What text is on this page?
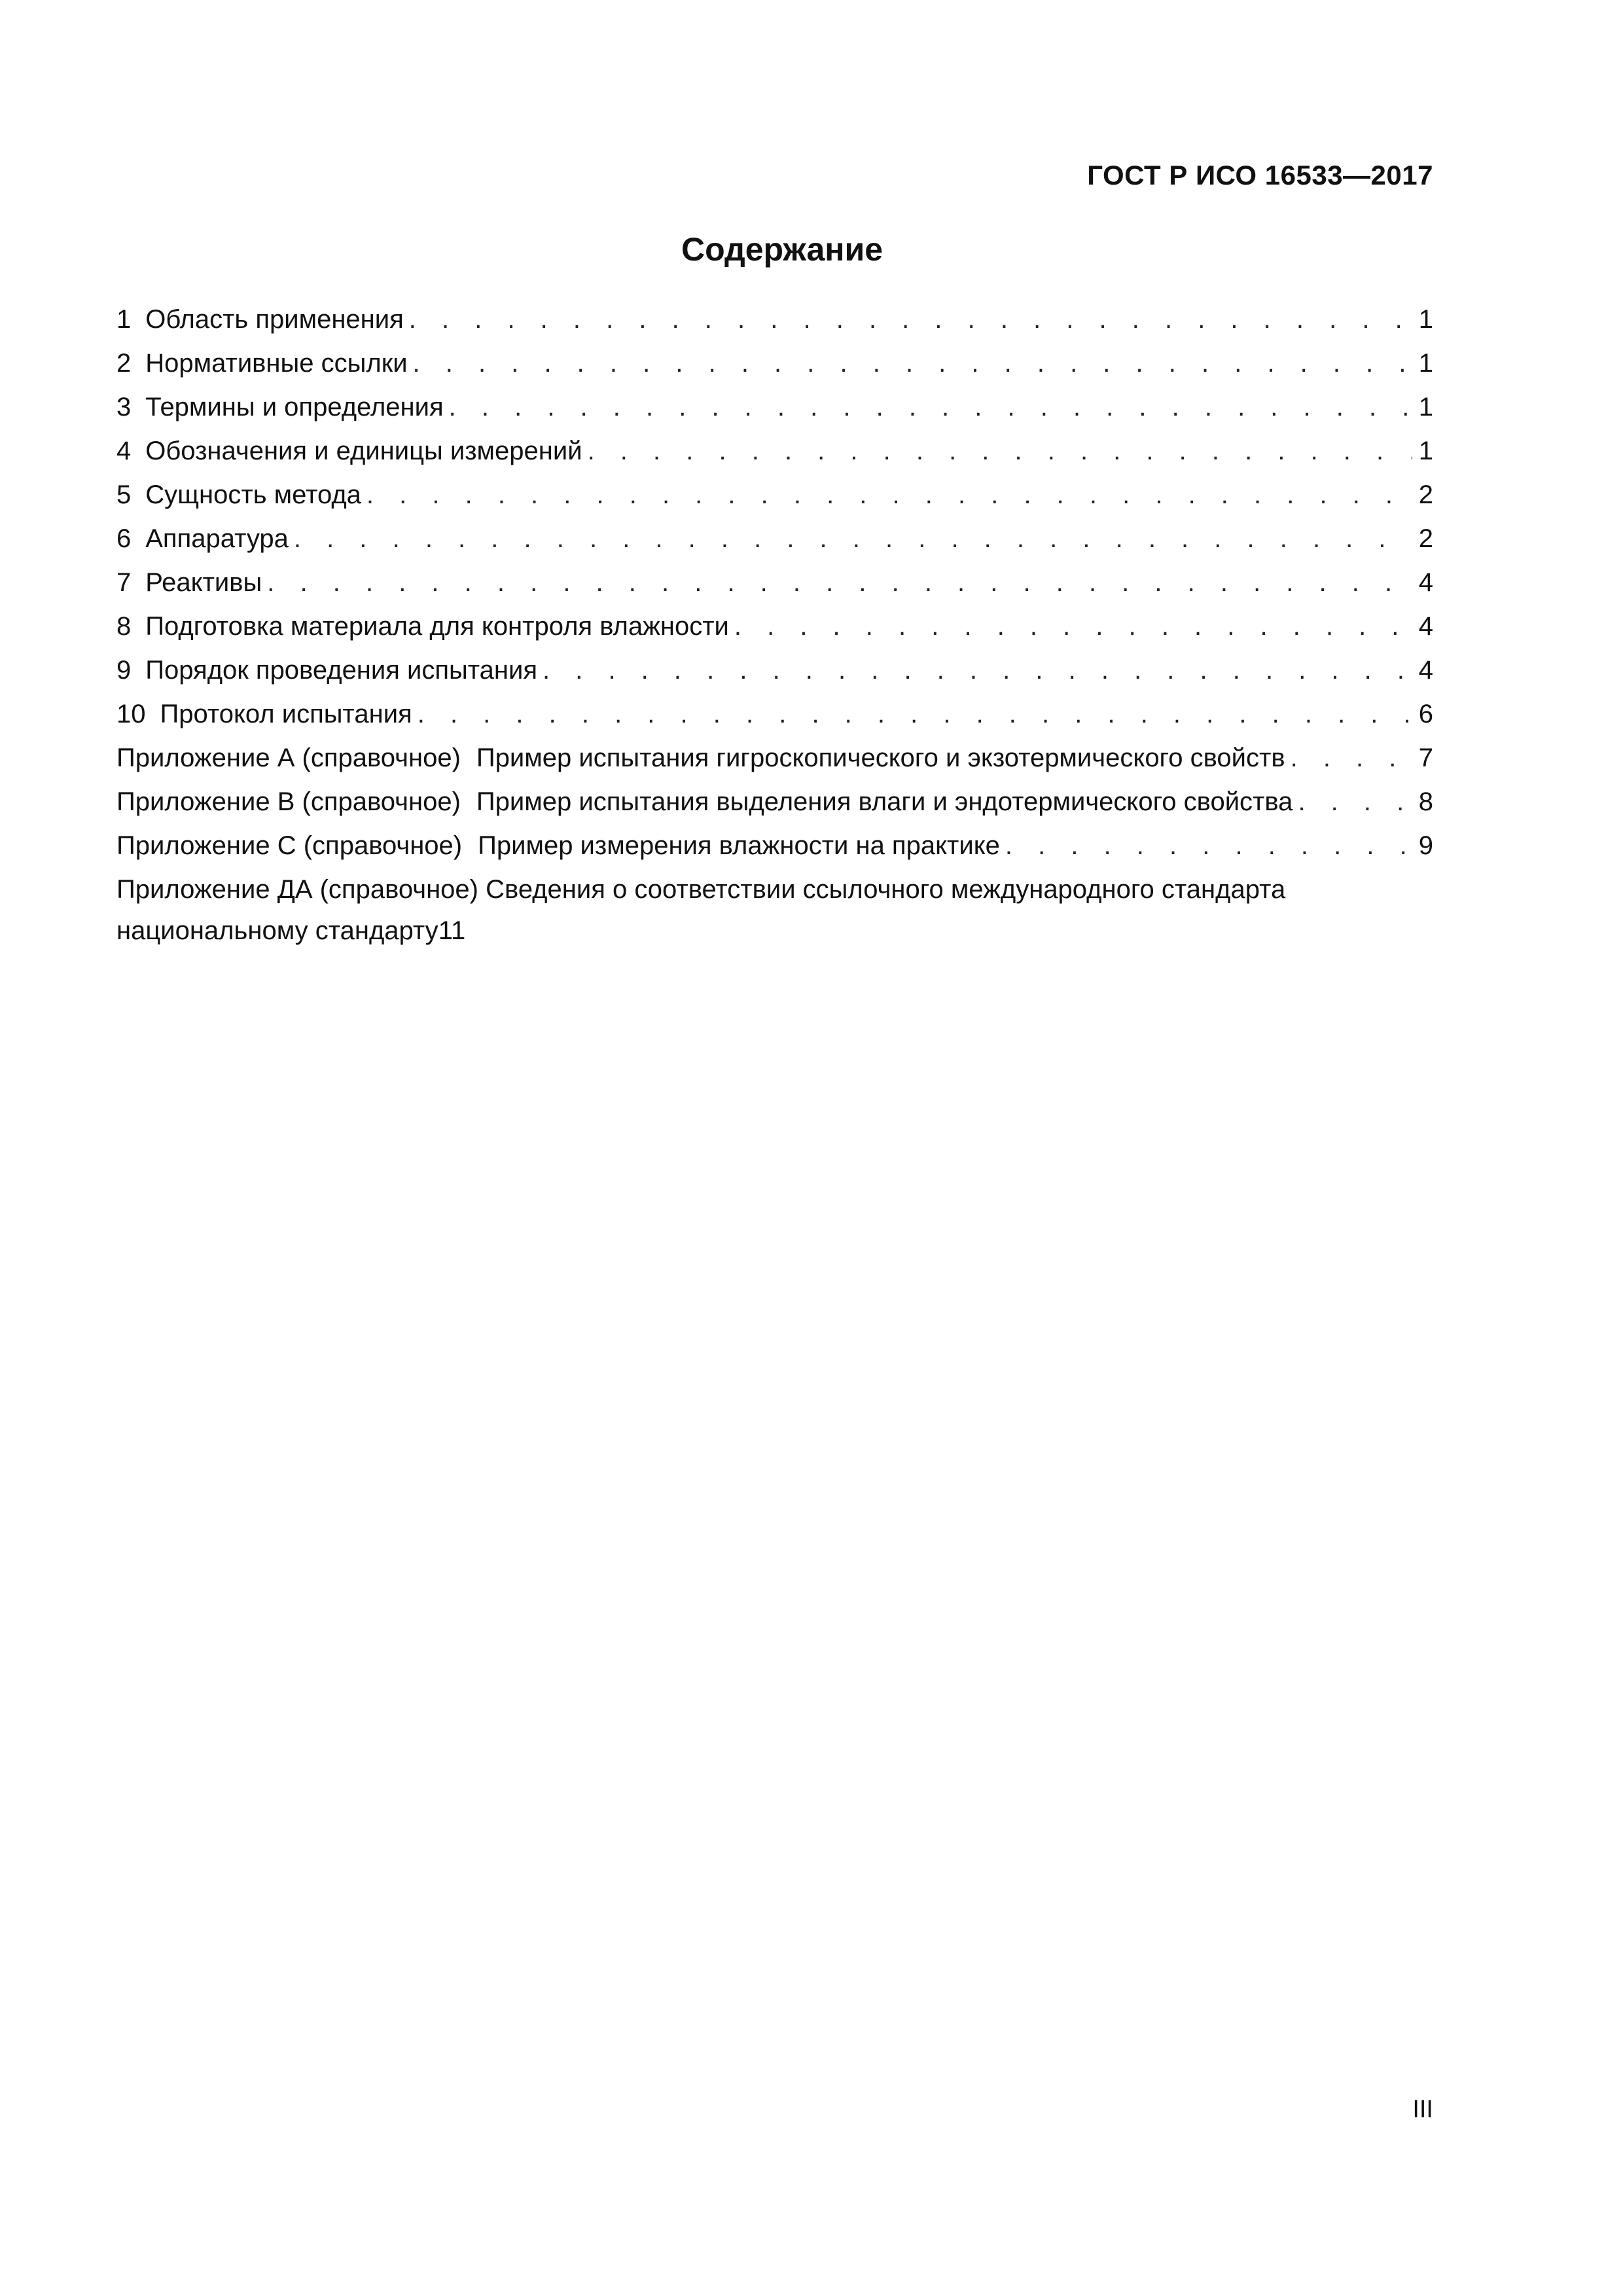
ГОСТ Р ИСО 16533—2017
Содержание
1 Область применения . . .	1
2 Нормативные ссылки . . .	1
3 Термины и определения . . .	1
4 Обозначения и единицы измерений . . .	1
5 Сущность метода . . .	2
6 Аппаратура . . .	2
7 Реактивы . . .	4
8 Подготовка материала для контроля влажности . . .	4
9 Порядок проведения испытания . . .	4
10 Протокол испытания . . .	6
Приложение А (справочное) Пример испытания гигроскопического и экзотермического свойств . . .	7
Приложение В (справочное) Пример испытания выделения влаги и эндотермического свойства . . .	8
Приложение С (справочное) Пример измерения влажности на практике . . .	9
Приложение ДА (справочное) Сведения о соответствии ссылочного международного стандарта
национальному стандарту 11
III
